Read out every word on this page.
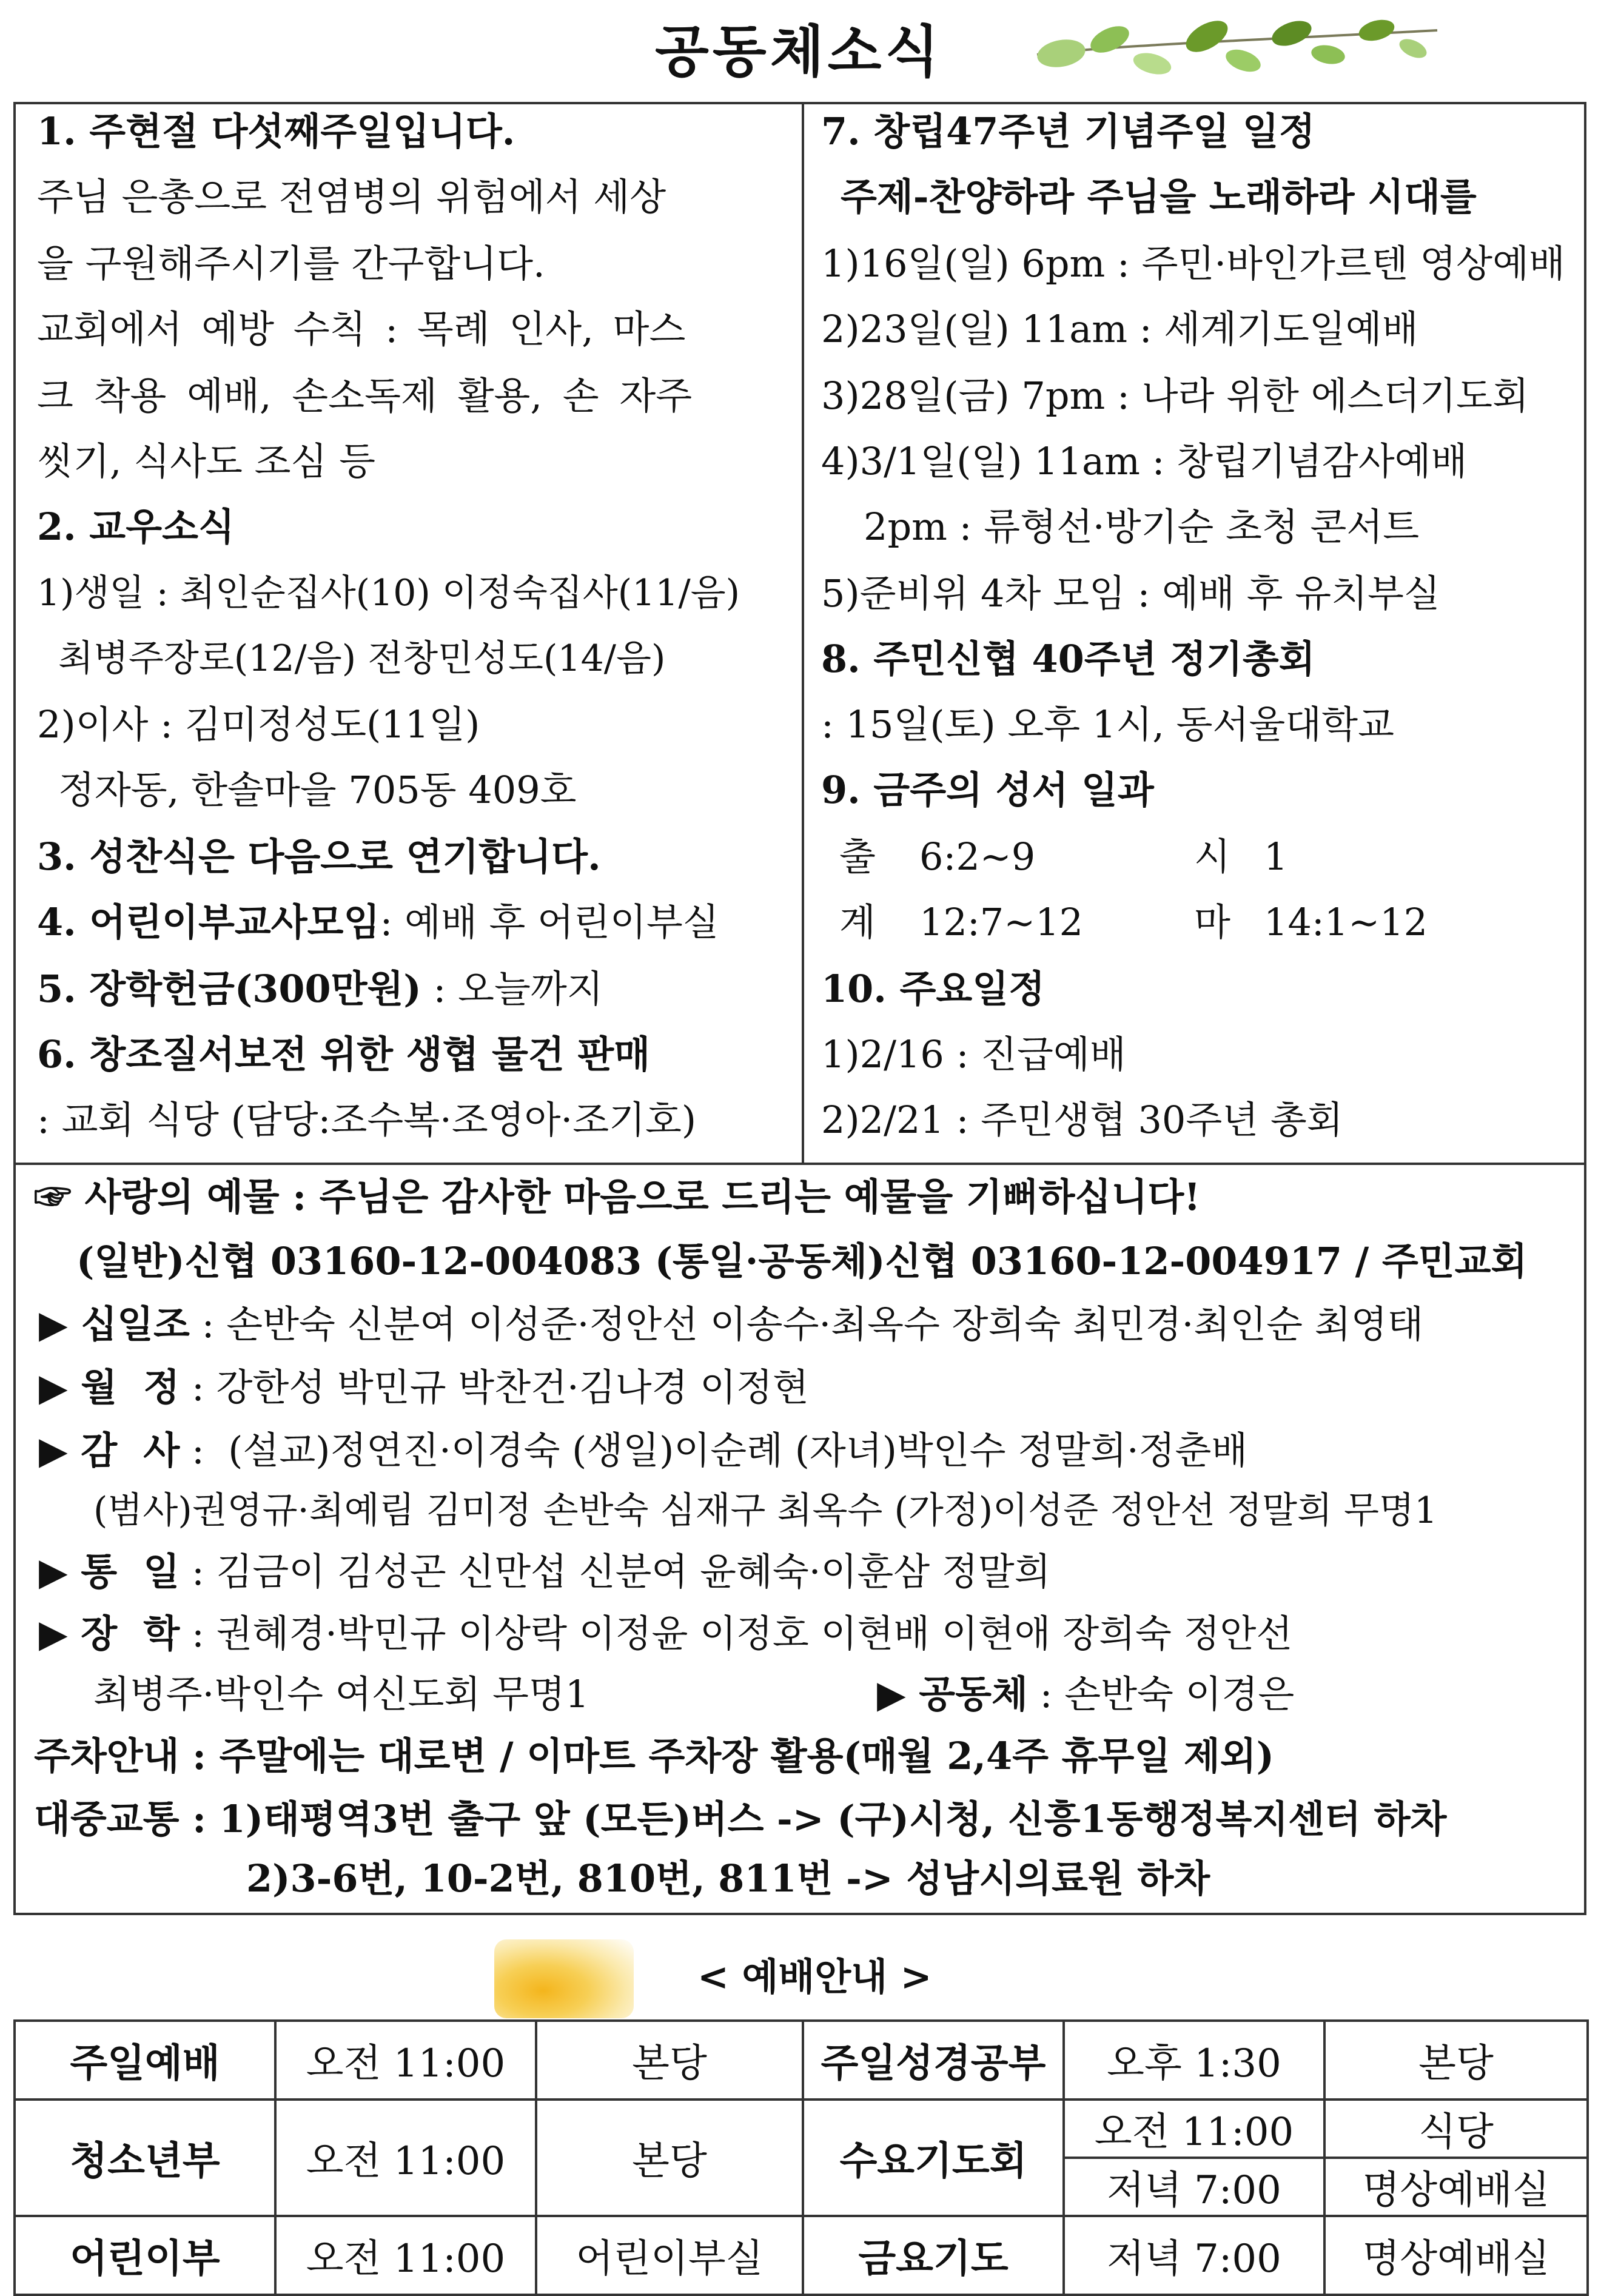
공동체소식
1. 주현절 다섯째주일입니다.
주님 은총으로 전염병의 위험에서 세상
을 구원해주시기를 간구합니다.
교회에서 예방 수칙 : 목례 인사, 마스
크 착용 예배, 손소독제 활용, 손 자주
씻기, 식사도 조심 등
2. 교우소식
1)생일 : 최인순집사(10) 이정숙집사(11/음)
최병주장로(12/음) 전창민성도(14/음)
2)이사 : 김미정성도(11일)
정자동, 한솔마을 705동 409호
3. 성찬식은 다음으로 연기합니다.
4. 어린이부교사모임: 예배 후 어린이부실
5. 장학헌금(300만원) : 오늘까지
6. 창조질서보전 위한 생협 물건 판매
: 교회 식당 (담당:조수복·조영아·조기호)
7. 창립47주년 기념주일 일정
주제-찬양하라 주님을 노래하라 시대를
1)16일(일) 6pm : 주민·바인가르텐 영상예배
2)23일(일) 11am : 세계기도일예배
3)28일(금) 7pm : 나라 위한 에스더기도회
4)3/1일(일) 11am : 창립기념감사예배
2pm : 류형선·방기순 초청 콘서트
5)준비위 4차 모임 : 예배 후 유치부실
8. 주민신협 40주년 정기총회
: 15일(토) 오후 1시, 동서울대학교
9. 금주의 성서 일과
출 6:2~9	시 1
계 12:7~12	마 14:1~12
10. 주요일정
1)2/16 : 진급예배
2)2/21 : 주민생협 30주년 총회
☞ 사랑의 예물 : 주님은 감사한 마음으로 드리는 예물을 기뻐하십니다!
(일반)신협 03160-12-004083 (통일·공동체)신협 03160-12-004917 / 주민교회
▶ 십일조 : 손반숙 신분여 이성준·정안선 이송수·최옥수 장희숙 최민경·최인순 최영태
▶ 월  정 : 강한성 박민규 박찬건·김나경 이정현
▶ 감  사 :  (설교)정연진·이경숙 (생일)이순례 (자녀)박인수 정말희·정춘배
(범사)권영규·최예림 김미정 손반숙 심재구 최옥수 (가정)이성준 정안선 정말희 무명1
▶ 통  일 : 김금이 김성곤 신만섭 신분여 윤혜숙·이훈삼 정말희
▶ 장  학 : 권혜경·박민규 이상락 이정윤 이정호 이현배 이현애 장희숙 정안선
최병주·박인수 여신도회 무명1	▶ 공동체 : 손반숙 이경은
주차안내 : 주말에는 대로변 / 이마트 주차장 활용(매월 2,4주 휴무일 제외)
대중교통 : 1)태평역3번 출구 앞 (모든)버스 -> (구)시청, 신흥1동행정복지센터 하차
2)3-6번, 10-2번, 810번, 811번 -> 성남시의료원 하차
< 예배안내 >
주일예배	오전 11:00	본당	주일성경공부	오후 1:30	본당
청소년부	오전 11:00	본당	수요기도회	오전 11:00	식당
				저녁 7:00	명상예배실
어린이부	오전 11:00	어린이부실	금요기도	저녁 7:00	명상예배실
